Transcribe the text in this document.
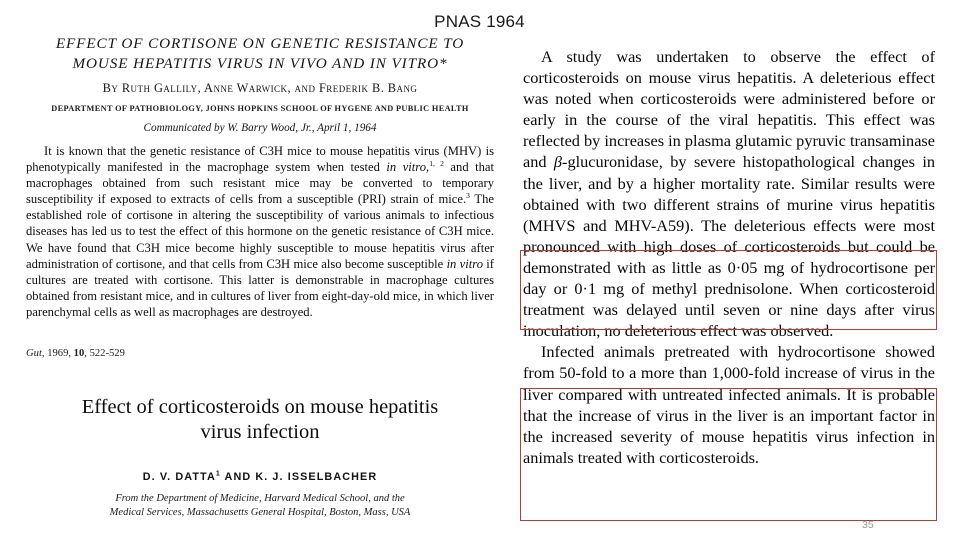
PNAS 1964
EFFECT OF CORTISONE ON GENETIC RESISTANCE TO
MOUSE HEPATITIS VIRUS IN VIVO AND IN VITRO*
By Ruth Gallily, Anne Warwick, and Frederik B. Bang
DEPARTMENT OF PATHOBIOLOGY, JOHNS HOPKINS SCHOOL OF HYGENE AND PUBLIC HEALTH
Communicated by W. Barry Wood, Jr., April 1, 1964

It is known that the genetic resistance of C3H mice to mouse hepatitis virus (MHV) is phenotypically manifested in the macrophage system when tested in vitro,$^{1, 2}$ and that macrophages obtained from such resistant mice may be converted to temporary susceptibility if exposed to extracts of cells from a susceptible (PRI) strain of mice.$^3$ The established role of cortisone in altering the susceptibility of various animals to infectious diseases has led us to test the effect of this hormone on the genetic resistance of C3H mice. We have found that C3H mice become highly susceptible to mouse hepatitis virus after administration of cortisone, and that cells from C3H mice also become susceptible in vitro if cultures are treated with cortisone. This latter is demonstrable in macrophage cultures obtained from resistant mice, and in cultures of liver from eight-day-old mice, in which liver parenchymal cells as well as macrophages are destroyed.

Gut, 1969, 10, 522-529
Effect of corticosteroids on mouse hepatitis
virus infection
D. V. DATTA$^1$ AND K. J. ISSELBACHER
From the Department of Medicine, Harvard Medical School, and the
Medical Services, Massachusetts General Hospital, Boston, Mass, USA

A study was undertaken to observe the effect of corticosteroids on mouse virus hepatitis. A deleterious effect was noted when corticosteroids were administered before or early in the course of the viral hepatitis. This effect was reflected by increases in plasma glutamic pyruvic transaminase and β-glucuronidase, by severe histopathological changes in the liver, and by a higher mortality rate. Similar results were obtained with two different strains of murine virus hepatitis (MHVS and MHV-A59). The deleterious effects were most pronounced with high doses of corticosteroids but could be demonstrated with as little as 0·05 mg of hydrocortisone per day or 0·1 mg of methyl prednisolone. When corticosteroid treatment was delayed until seven or nine days after virus inoculation, no deleterious effect was observed.

Infected animals pretreated with hydrocortisone showed from 50-fold to a more than 1,000-fold increase of virus in the liver compared with untreated infected animals. It is probable that the increase of virus in the liver is an important factor in the increased severity of mouse hepatitis virus infection in animals treated with corticosteroids.

35
